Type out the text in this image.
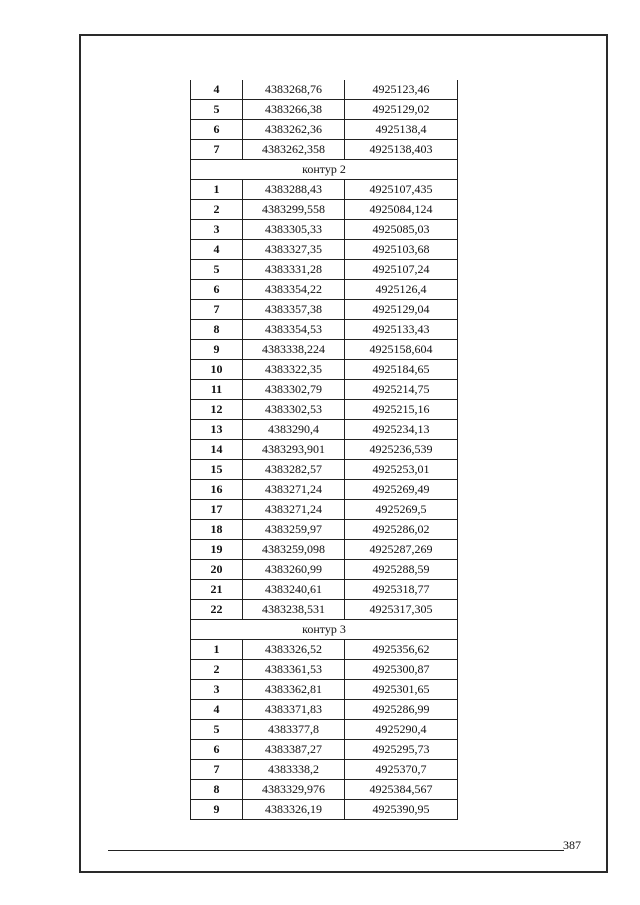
4	4383268,76	4925123,46
5	4383266,38	4925129,02
6	4383262,36	4925138,4
7	4383262,358	4925138,403
контур 2		
1	4383288,43	4925107,435
2	4383299,558	4925084,124
3	4383305,33	4925085,03
4	4383327,35	4925103,68
5	4383331,28	4925107,24
6	4383354,22	4925126,4
7	4383357,38	4925129,04
8	4383354,53	4925133,43
9	4383338,224	4925158,604
10	4383322,35	4925184,65
11	4383302,79	4925214,75
12	4383302,53	4925215,16
13	4383290,4	4925234,13
14	4383293,901	4925236,539
15	4383282,57	4925253,01
16	4383271,24	4925269,49
17	4383271,24	4925269,5
18	4383259,97	4925286,02
19	4383259,098	4925287,269
20	4383260,99	4925288,59
21	4383240,61	4925318,77
22	4383238,531	4925317,305
контур 3		
1	4383326,52	4925356,62
2	4383361,53	4925300,87
3	4383362,81	4925301,65
4	4383371,83	4925286,99
5	4383377,8	4925290,4
6	4383387,27	4925295,73
7	4383338,2	4925370,7
8	4383329,976	4925384,567
9	4383326,19	4925390,95
387
